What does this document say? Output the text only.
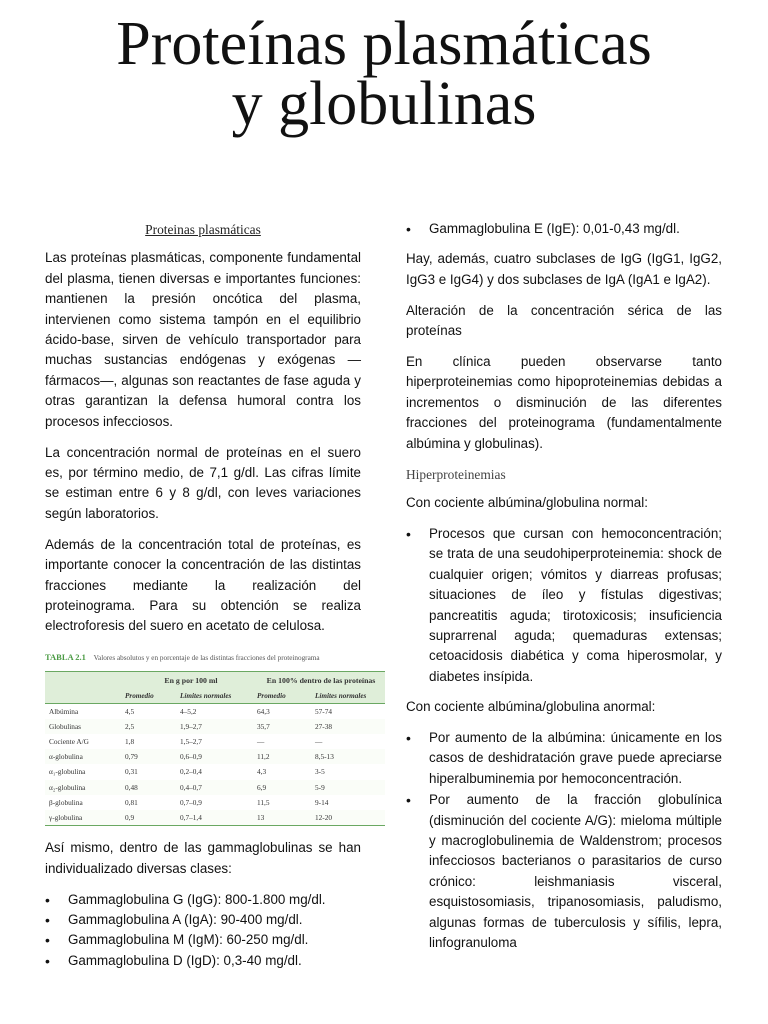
Proteínas plasmáticas
y globulinas
Proteinas plasmáticas

Las proteínas plasmáticas, componente fundamental del plasma, tienen diversas e importantes funciones: mantienen la presión oncótica del plasma, intervienen como sistema tampón en el equilibrio ácido-base, sirven de vehículo transportador para muchas sustancias endógenas y exógenas —fármacos—, algunas son reactantes de fase aguda y otras garantizan la defensa humoral contra los procesos infecciosos.

La concentración normal de proteínas en el suero es, por término medio, de 7,1 g/dl. Las cifras límite se estiman entre 6 y 8 g/dl, con leves variaciones según laboratorios.

Además de la concentración total de proteínas, es importante conocer la concentración de las distintas fracciones mediante la realización del proteinograma. Para su obtención se realiza electroforesis del suero en acetato de celulosa.

TABLA 2.1 Valores absolutos y en porcentaje de las distintas fracciones del proteinograma
	En g por 100 ml		En 100% dentro de las proteínas	
	Promedio	Límites normales	Promedio	Límites normales
Albúmina	4,5	4–5,2	64,3	57-74
Globulinas	2,5	1,9–2,7	35,7	27-38
Cociente A/G	1,8	1,5–2,7	—	—
α-globulina	0,79	0,6–0,9	11,2	8,5-13
α₁-globulina	0,31	0,2–0,4	4,3	3-5
α₂-globulina	0,48	0,4–0,7	6,9	5-9
β-globulina	0,81	0,7–0,9	11,5	9-14
γ-globulina	0,9	0,7–1,4	13	12-20

Así mismo, dentro de las gammaglobulinas se han individualizado diversas clases:

• Gammaglobulina G (IgG): 800-1.800 mg/dl.
• Gammaglobulina A (IgA): 90-400 mg/dl.
• Gammaglobulina M (IgM): 60-250 mg/dl.
• Gammaglobulina D (IgD): 0,3-40 mg/dl.
• Gammaglobulina E (IgE): 0,01-0,43 mg/dl.

Hay, además, cuatro subclases de IgG (IgG1, IgG2, IgG3 e IgG4) y dos subclases de IgA (IgA1 e IgA2).

Alteración de la concentración sérica de las proteínas

En clínica pueden observarse tanto hiperproteinemias como hipoproteinemias debidas a incrementos o disminución de las diferentes fracciones del proteinograma (fundamentalmente albúmina y globulinas).

Hiperproteinemias

Con cociente albúmina/globulina normal:

• Procesos que cursan con hemoconcentración; se trata de una seudohiperproteinemia: shock de cualquier origen; vómitos y diarreas profusas; situaciones de íleo y fístulas digestivas; pancreatitis aguda; tirotoxicosis; insuficiencia suprarrenal aguda; quemaduras extensas; cetoacidosis diabética y coma hiperosmolar, y diabetes insípida.

Con cociente albúmina/globulina anormal:

• Por aumento de la albúmina: únicamente en los casos de deshidratación grave puede apreciarse hiperalbuminemia por hemoconcentración.
• Por aumento de la fracción globulínica (disminución del cociente A/G): mieloma múltiple y macroglobulinemia de Waldenstrom; procesos infecciosos bacterianos o parasitarios de curso crónico: leishmaniasis visceral, esquistosomiasis, tripanosomiasis, paludismo, algunas formas de tuberculosis y sífilis, lepra, linfogranuloma
